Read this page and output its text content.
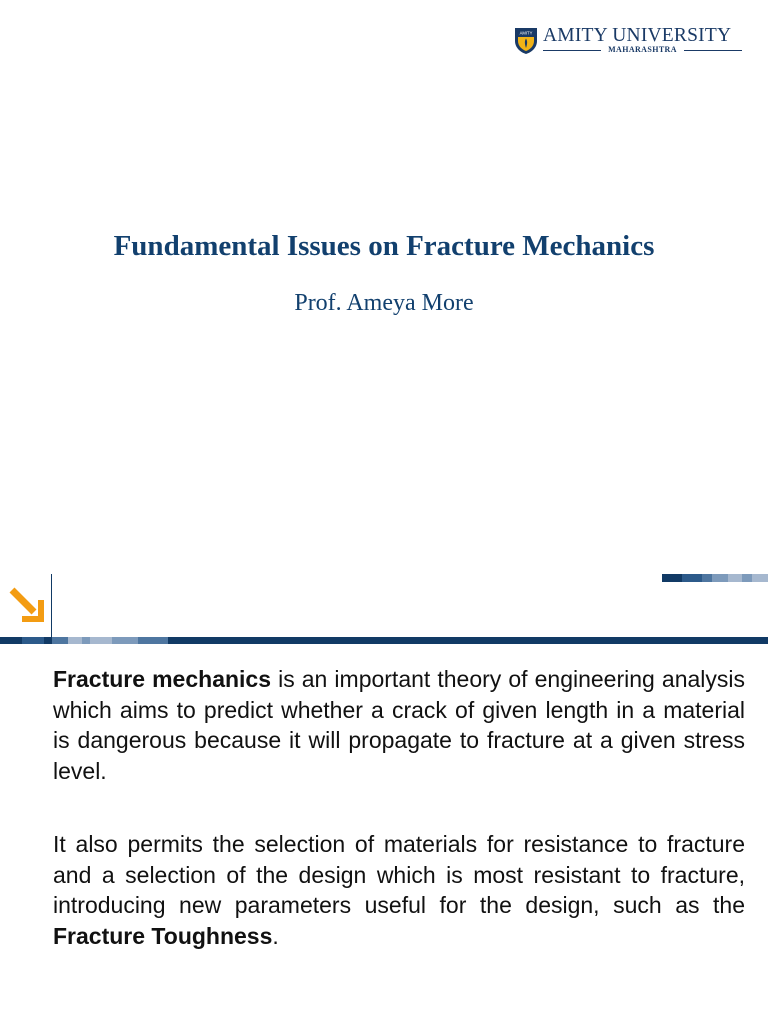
AMITY AMITY UNIVERSITY
MAHARASHTRA
Fundamental Issues on Fracture Mechanics
Prof. Ameya More
Fracture mechanics is an important theory of engineering analysis which aims to predict whether a crack of given length in a material is dangerous because it will propagate to fracture at a given stress level.
It also permits the selection of materials for resistance to fracture and a selection of the design which is most resistant to fracture, introducing new parameters useful for the design, such as the Fracture Toughness.
